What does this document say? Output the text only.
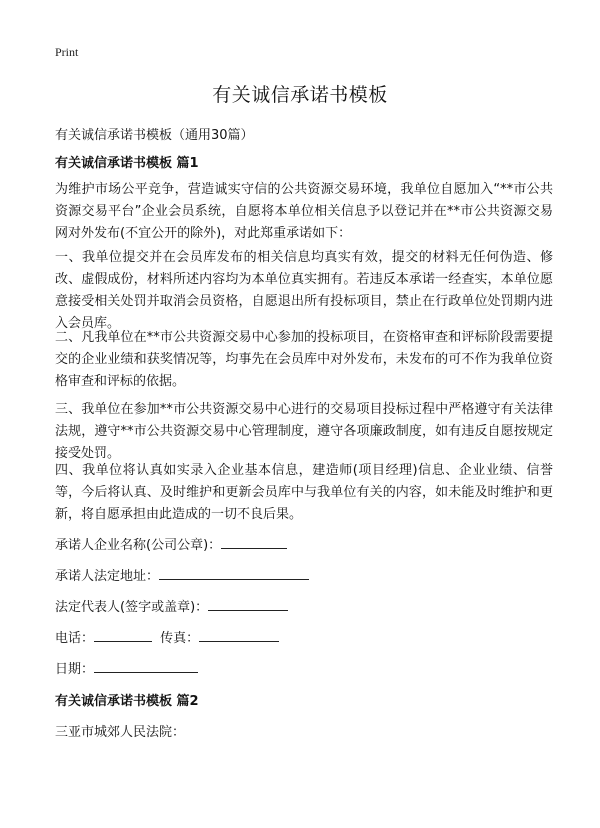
Print
有关诚信承诺书模板
有关诚信承诺书模板（通用30篇）
有关诚信承诺书模板 篇1

为维护市场公平竞争，营造诚实守信的公共资源交易环境，我单位自愿加入“**市公共资源交易平台”企业会员系统，自愿将本单位相关信息予以登记并在**市公共资源交易网对外发布(不宜公开的除外)，对此郑重承诺如下：

一、我单位提交并在会员库发布的相关信息均真实有效，提交的材料无任何伪造、修改、虚假成份，材料所述内容均为本单位真实拥有。若违反本承诺一经查实，本单位愿意接受相关处罚并取消会员资格，自愿退出所有投标项目，禁止在行政单位处罚期内进入会员库。

二、凡我单位在**市公共资源交易中心参加的投标项目，在资格审查和评标阶段需要提交的企业业绩和获奖情况等，均事先在会员库中对外发布，未发布的可不作为我单位资格审查和评标的依据。

三、我单位在参加**市公共资源交易中心进行的交易项目投标过程中严格遵守有关法律法规，遵守**市公共资源交易中心管理制度，遵守各项廉政制度，如有违反自愿按规定接受处罚。

四、我单位将认真如实录入企业基本信息，建造师(项目经理)信息、企业业绩、信誉等，今后将认真、及时维护和更新会员库中与我单位有关的内容，如未能及时维护和更新，将自愿承担由此造成的一切不良后果。

承诺人企业名称(公司公章)：
承诺人法定地址：
法定代表人(签字或盖章)：
电话：	传真：
日期：
有关诚信承诺书模板 篇2
三亚市城郊人民法院：
